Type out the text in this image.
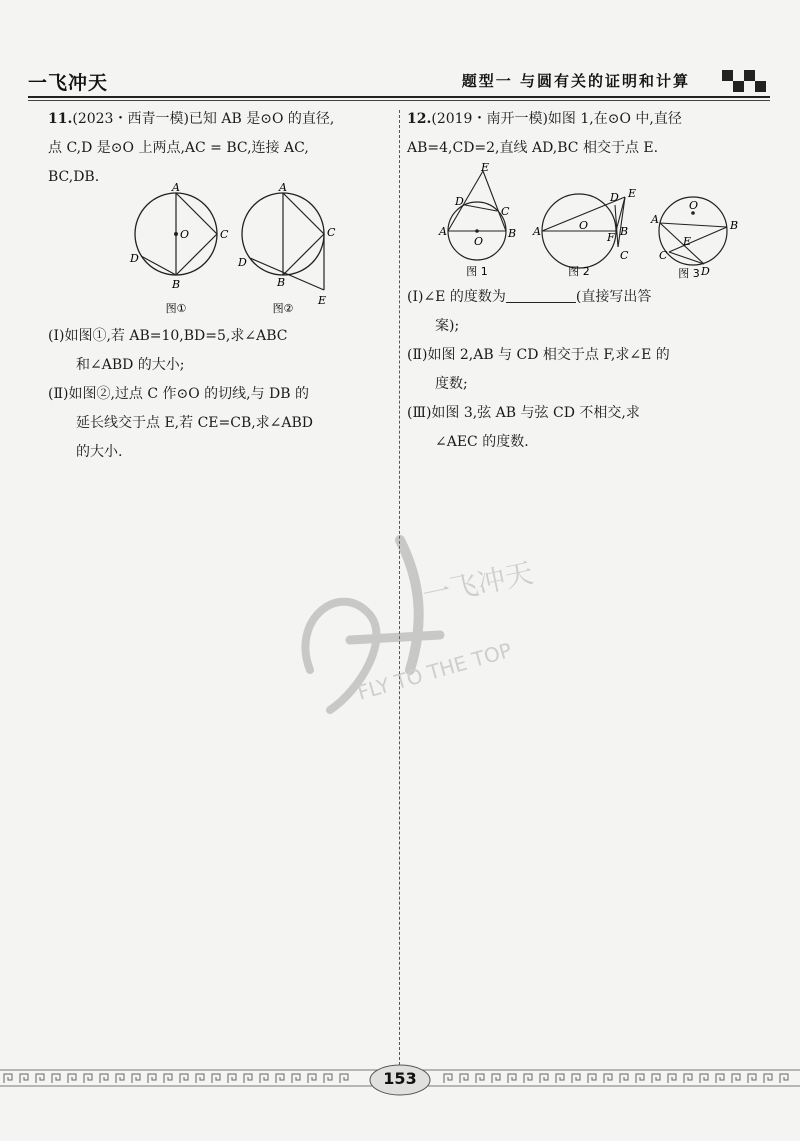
一飞冲天	题型一 与圆有关的证明和计算

11.(2023・西青一模)已知 AB 是⊙O 的直径,

点 C,D 是⊙O 上两点,AC = BC,连接 AC,

BC,DB.

A
O	C
D
B
图①
A
C
D
B
E
图②

(Ⅰ)如图①,若 AB=10,BD=5,求∠ABC

和∠ABD 的大小;

(Ⅱ)如图②,过点 C 作⊙O 的切线,与 DB 的

延长线交于点 E,若 CE=CB,求∠ABD

的大小.

12.(2019・南开一模)如图 1,在⊙O 中,直径

AB=4,CD=2,直线 AD,BC 相交于点 E.

E
D
C
A
O
B
图 1
D E
A	O
F B
C
图 2
O
A	B
E
C
D
图 3

(Ⅰ)∠E 的度数为	(直接写出答

案);

(Ⅱ)如图 2,AB 与 CD 相交于点 F,求∠E 的

度数;

(Ⅲ)如图 3,弦 AB 与弦 CD 不相交,求

∠AEC 的度数.

一飞冲天
FLY TO THE TOP
153
